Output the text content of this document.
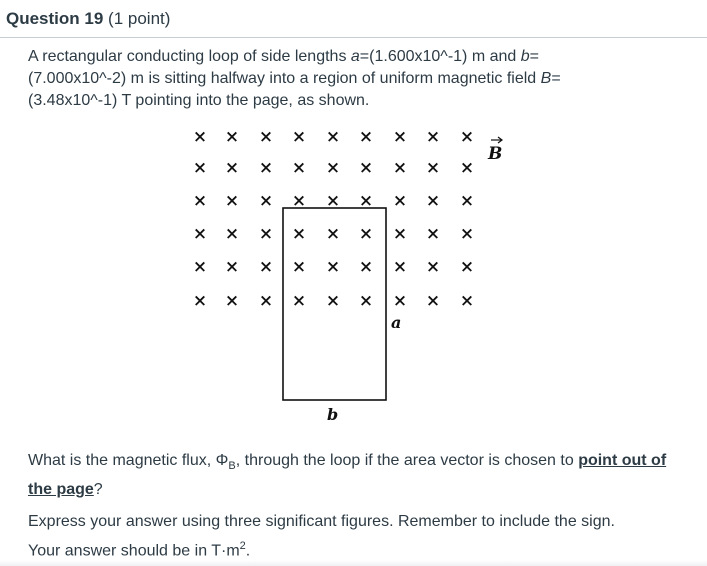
Question 19 (1 point)

A rectangular conducting loop of side lengths a=(1.600x10^-1) m and b=
(7.000x10^-2) m is sitting halfway into a region of uniform magnetic field B=
(3.48x10^-1) T pointing into the page, as shown.

× × × × × × × × ×
× × × × × × × × ×
× × × × × × × × ×
× × × × × × × × ×
× × × × × × × × ×
× × × × × × × × ×
B
a
b
What is the magnetic flux, $\Phi_B$, through the loop if the area vector is chosen to point out of the page?
Express your answer using three significant figures. Remember to include the sign.
Your answer should be in $T\cdot m^2$.
